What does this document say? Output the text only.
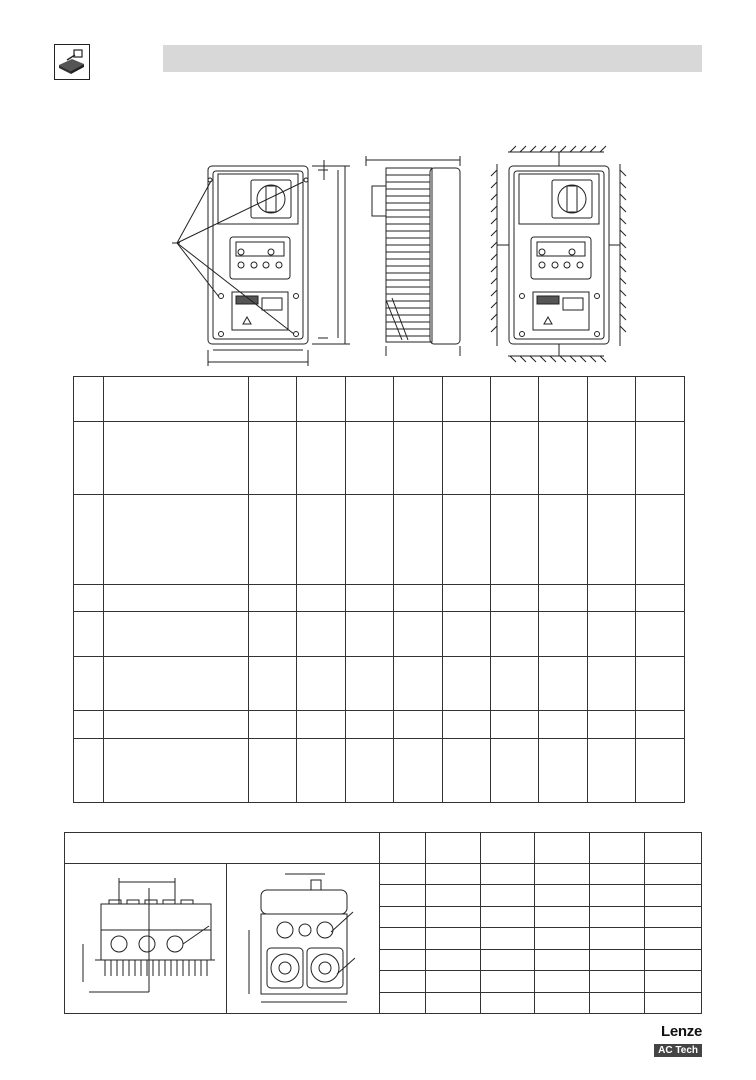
Lenze
AC Tech
